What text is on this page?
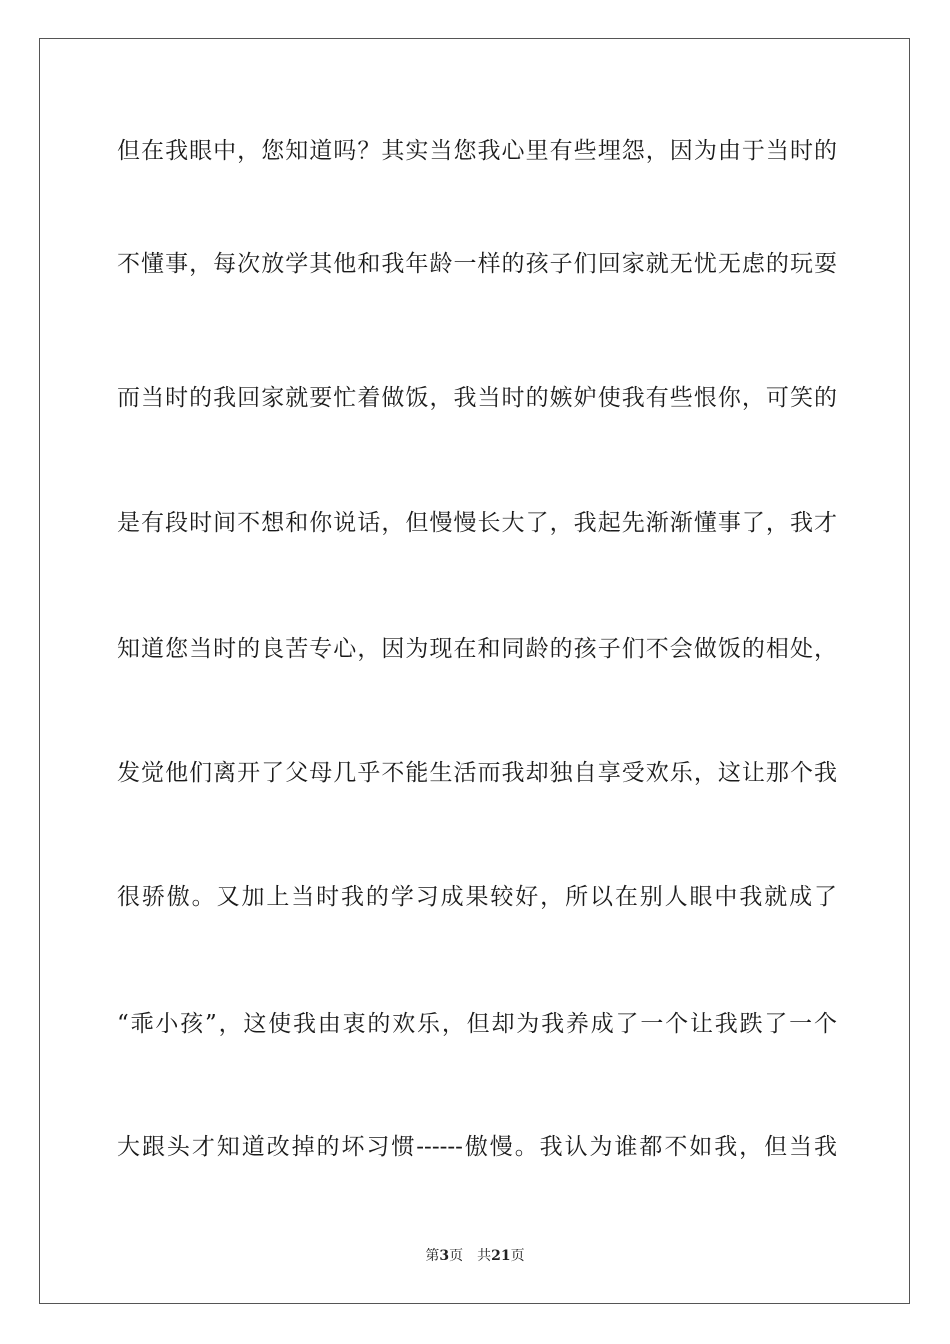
但在我眼中，您知道吗？其实当您我心里有些埋怨，因为由于当时的
不懂事，每次放学其他和我年龄一样的孩子们回家就无忧无虑的玩耍
而当时的我回家就要忙着做饭，我当时的嫉妒使我有些恨你，可笑的
是有段时间不想和你说话，但慢慢长大了，我起先渐渐懂事了，我才
知道您当时的良苦专心，因为现在和同龄的孩子们不会做饭的相处，
发觉他们离开了父母几乎不能生活而我却独自享受欢乐，这让那个我
很骄傲。又加上当时我的学习成果较好，所以在别人眼中我就成了
“乖小孩”，这使我由衷的欢乐，但却为我养成了一个让我跌了一个
大跟头才知道改掉的坏习惯------傲慢。我认为谁都不如我，但当我
第3页 共21页
